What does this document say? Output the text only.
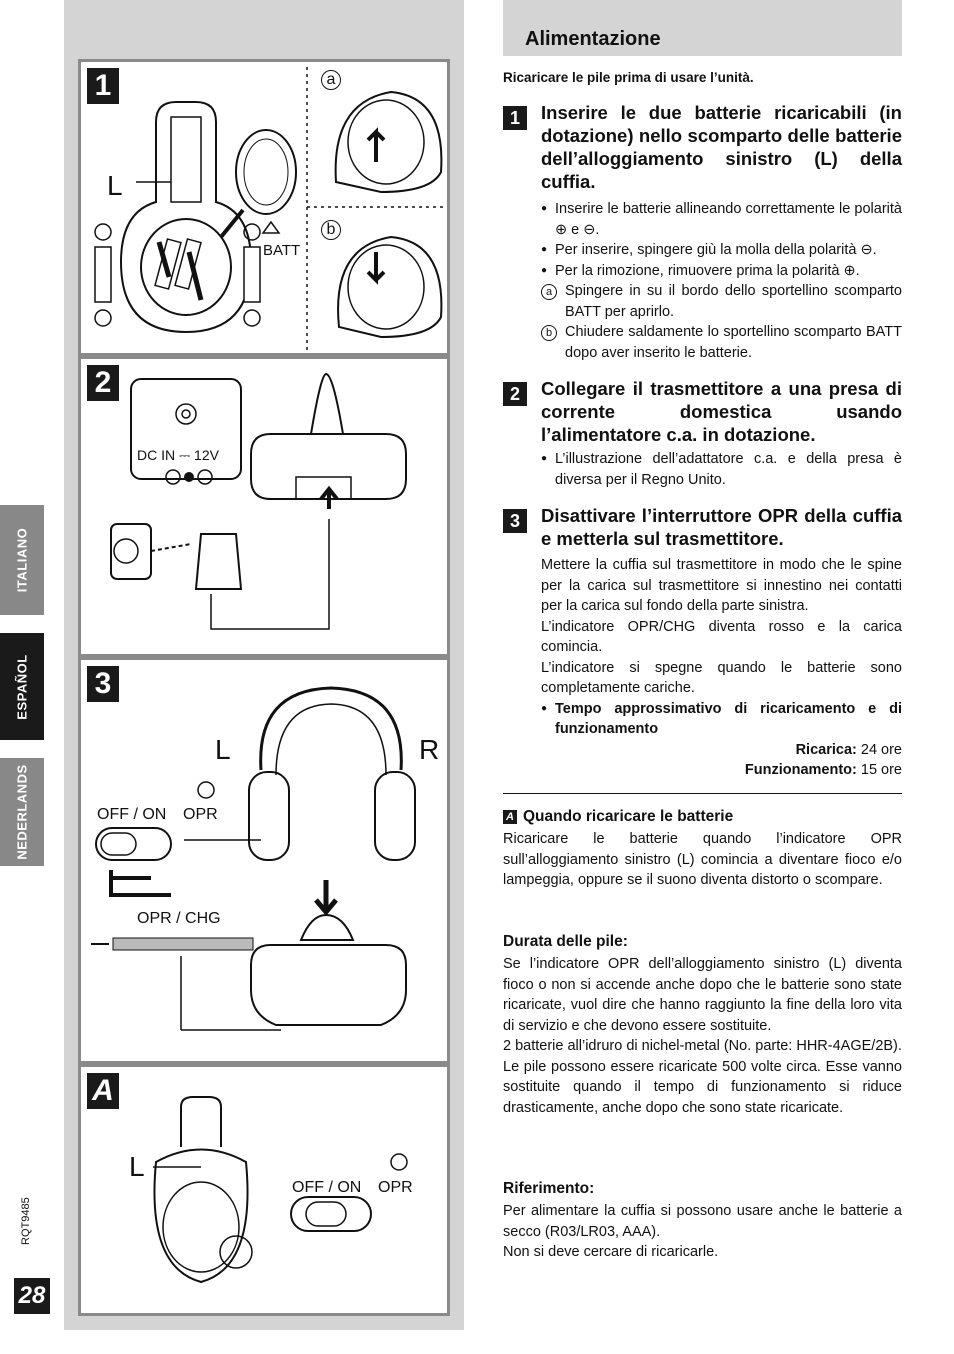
1
L
a
b
BATT
2
DC IN ⎓ 12V
3
L	R
OFF / ON OPR
OPR / CHG
A
L
OFF / ON OPR
ITALIANO
ESPAÑOL
NEDERLANDS
RQT9485
28
Alimentazione
Ricaricare le pile prima di usare l’unità.
1	Inserire le due batterie ricaricabili (in dotazione) nello scomparto delle batterie dell’alloggiamento sinistro (L) della cuffia.
● Inserire le batterie allineando correttamente le polarità ⊕ e ⊖.
● Per inserire, spingere giù la molla della polarità ⊖.
● Per la rimozione, rimuovere prima la polarità ⊕.
a Spingere in su il bordo dello sportellino scomparto BATT per aprirlo.
b Chiudere saldamente lo sportellino scomparto BATT dopo aver inserito le batterie.
2	Collegare il trasmettitore a una presa di corrente domestica usando l’alimentatore c.a. in dotazione.
● L’illustrazione dell’adattatore c.a. e della presa è diversa per il Regno Unito.
3	Disattivare l’interruttore OPR della cuffia e metterla sul trasmettitore.
Mettere la cuffia sul trasmettitore in modo che le spine per la carica sul trasmettitore si innestino nei contatti per la carica sul fondo della parte sinistra.
L’indicatore OPR/CHG diventa rosso e la carica comincia.
L’indicatore si spegne quando le batterie sono completamente cariche.
● Tempo approssimativo di ricaricamento e di funzionamento
Ricarica: 24 ore
Funzionamento: 15 ore
A Quando ricaricare le batterie
Ricaricare le batterie quando l’indicatore OPR sull’alloggiamento sinistro (L) comincia a diventare fioco e/o lampeggia, oppure se il suono diventa distorto o scompare.
Durata delle pile:
Se l’indicatore OPR dell’alloggiamento sinistro (L) diventa fioco o non si accende anche dopo che le batterie sono state ricaricate, vuol dire che hanno raggiunto la fine della loro vita di servizio e che devono essere sostituite.
2 batterie all’idruro di nichel-metal (No. parte: HHR-4AGE/2B).
Le pile possono essere ricaricate 500 volte circa. Esse vanno sostituite quando il tempo di funzionamento si riduce drasticamente, anche dopo che sono state ricaricate.
Riferimento:
Per alimentare la cuffia si possono usare anche le batterie a secco (R03/LR03, AAA).
Non si deve cercare di ricaricarle.
